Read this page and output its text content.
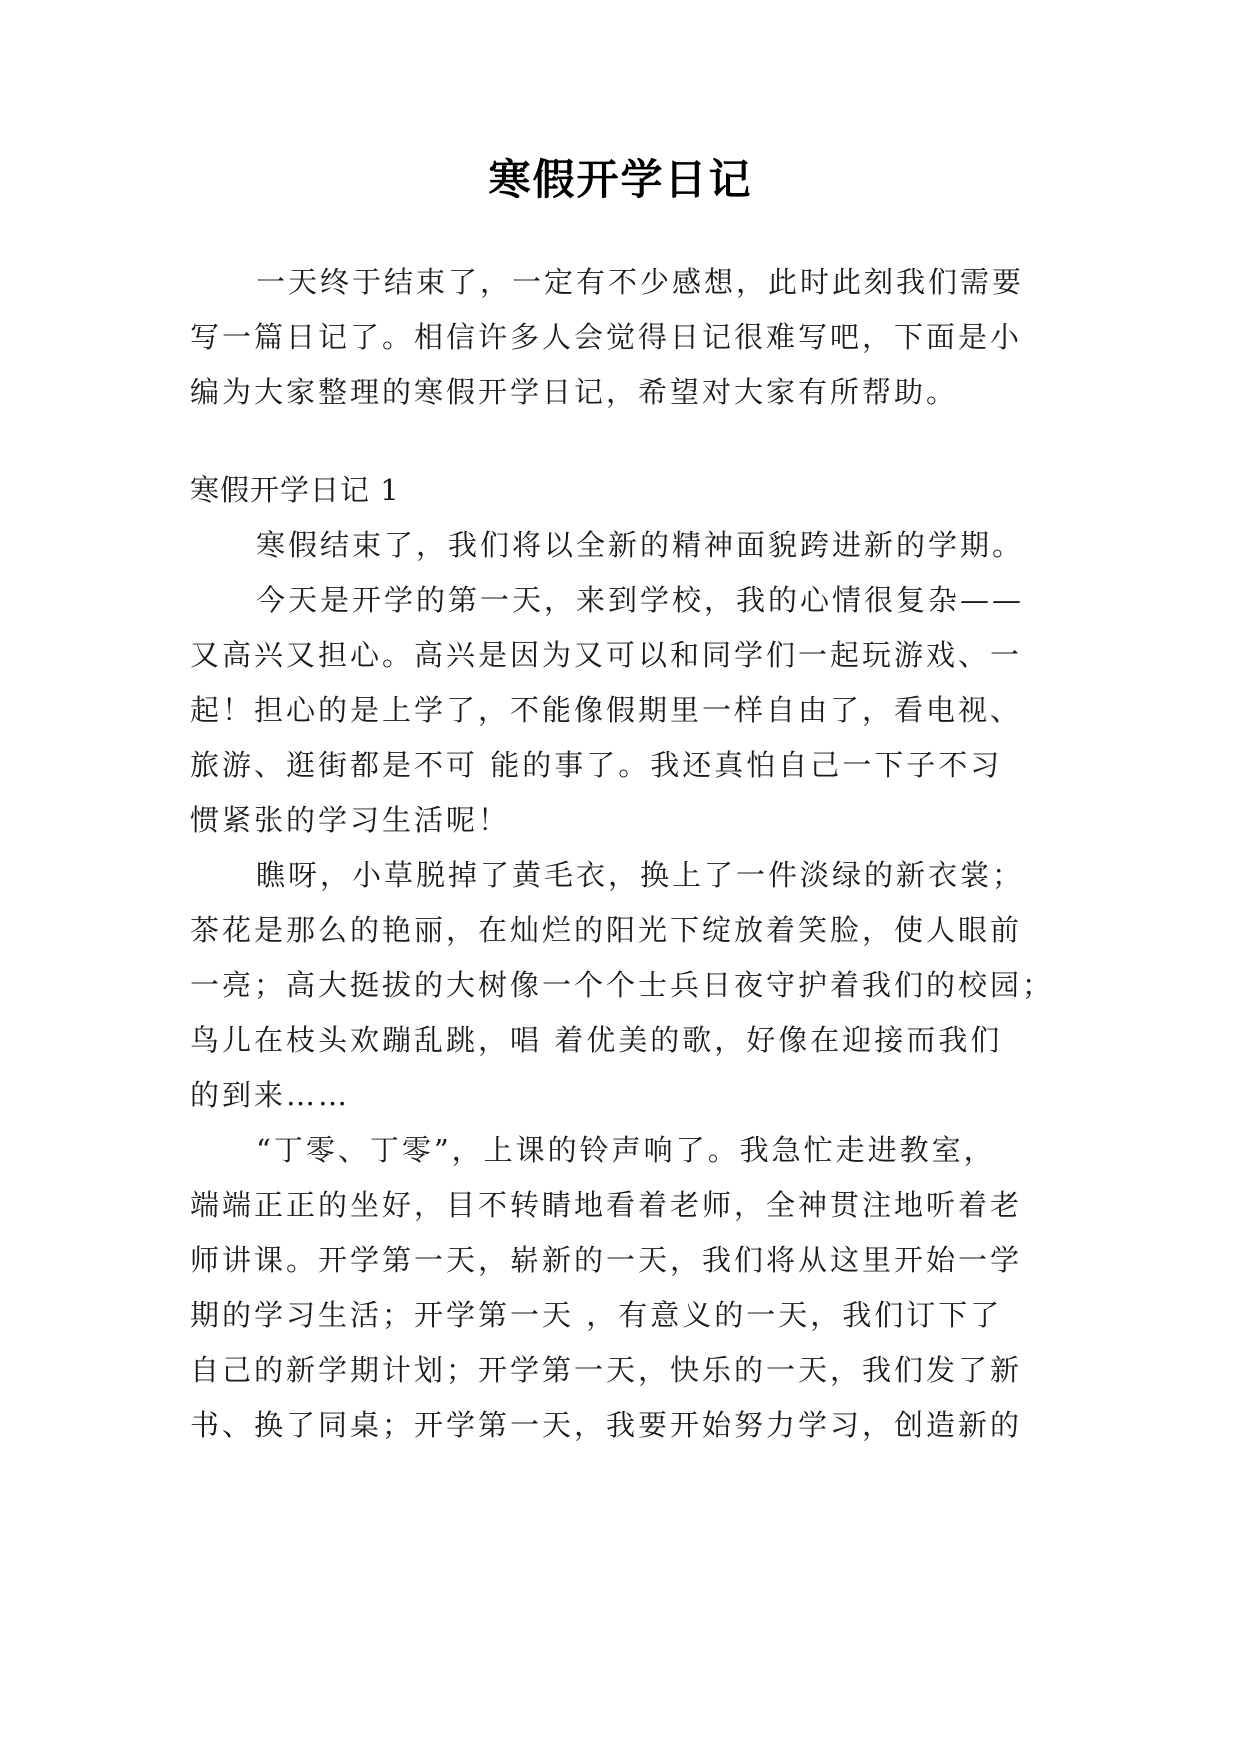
寒假开学日记
一天终于结束了，一定有不少感想，此时此刻我们需要
写一篇日记了。相信许多人会觉得日记很难写吧，下面是小
编为大家整理的寒假开学日记，希望对大家有所帮助。
寒假开学日记 1
寒假结束了，我们将以全新的精神面貌跨进新的学期。
今天是开学的第一天，来到学校，我的心情很复杂——
又高兴又担心。高兴是因为又可以和同学们一起玩游戏、一
起！担心的是上学了，不能像假期里一样自由了，看电视、
旅游、逛街都是不可 能的事了。我还真怕自己一下子不习
惯紧张的学习生活呢！
瞧呀，小草脱掉了黄毛衣，换上了一件淡绿的新衣裳；
茶花是那么的艳丽，在灿烂的阳光下绽放着笑脸，使人眼前
一亮；高大挺拔的大树像一个个士兵日夜守护着我们的校园；
鸟儿在枝头欢蹦乱跳，唱 着优美的歌，好像在迎接而我们
的到来……
“丁零、丁零”，上课的铃声响了。我急忙走进教室，
端端正正的坐好，目不转睛地看着老师，全神贯注地听着老
师讲课。开学第一天，崭新的一天，我们将从这里开始一学
期的学习生活；开学第一天 ，有意义的一天，我们订下了
自己的新学期计划；开学第一天，快乐的一天，我们发了新
书、换了同桌；开学第一天，我要开始努力学习，创造新的
